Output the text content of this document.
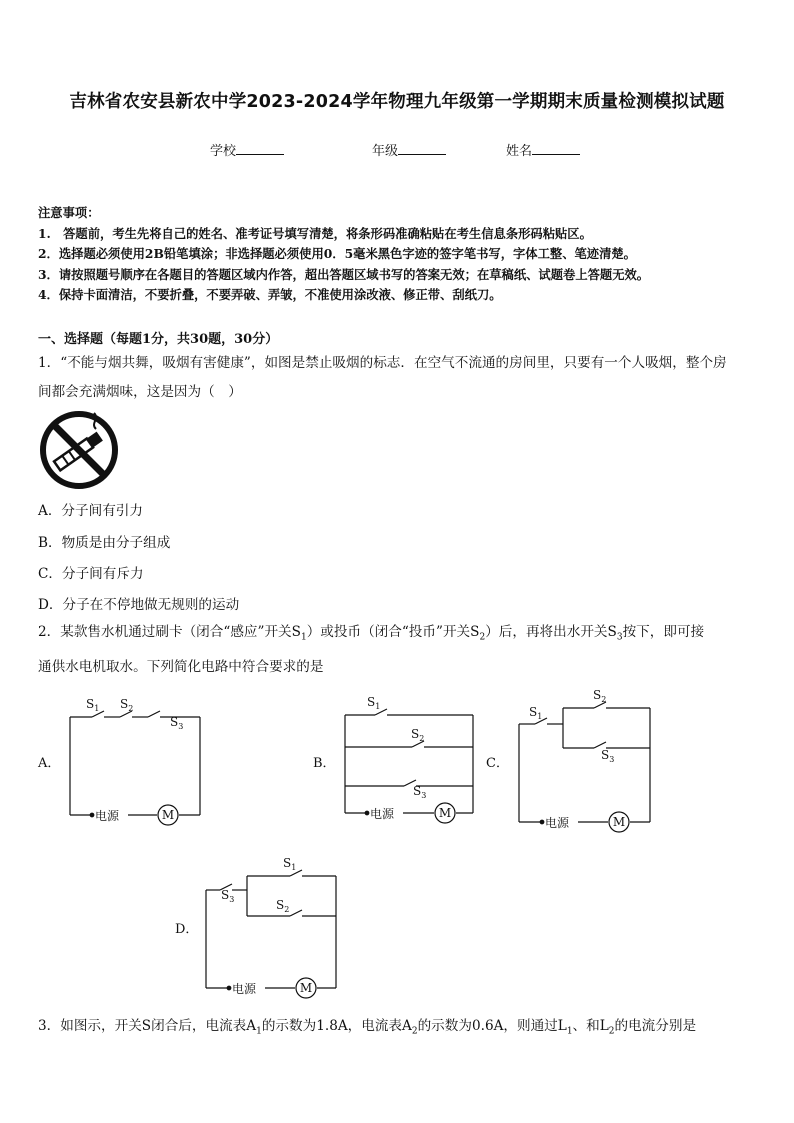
吉林省农安县新农中学2023-2024学年物理九年级第一学期期末质量检测模拟试题
学校	年级	姓名
注意事项：
1.　答题前，考生先将自己的姓名、准考证号填写清楚，将条形码准确粘贴在考生信息条形码粘贴区。
2．选择题必须使用2B铅笔填涂；非选择题必须使用0．5毫米黑色字迹的签字笔书写，字体工整、笔迹清楚。
3．请按照题号顺序在各题目的答题区域内作答，超出答题区域书写的答案无效；在草稿纸、试题卷上答题无效。
4．保持卡面清洁，不要折叠，不要弄破、弄皱，不准使用涂改液、修正带、刮纸刀。
一、选择题（每题1分，共30题，30分）
1．“不能与烟共舞，吸烟有害健康”，如图是禁止吸烟的标志．在空气不流通的房间里，只要有一个人吸烟，整个房
间都会充满烟味，这是因为（　）
A．分子间有引力
B．物质是由分子组成
C．分子间有斥力
D．分子在不停地做无规则的运动
2．某款售水机通过刷卡（闭合“感应”开关$S_1$）或投币（闭合“投币”开关$S_2$）后，再将出水开关$S_3$按下，即可接
通供水电机取水。下列简化电路中符合要求的是
A．
M
电源
$S_1$ $S_2$
$S_3$
B．
M
电源
$S_1$
$S_2$
$S_3$
C．
M
电源
$S_1$
$S_2$
$S_3$
D．
M
电源
$S_3$
$S_1$
$S_2$
3．如图示，开关S闭合后，电流表$A_1$的示数为1.8A，电流表$A_2$的示数为0.6A，则通过$L_1$、和$L_2$的电流分别是
